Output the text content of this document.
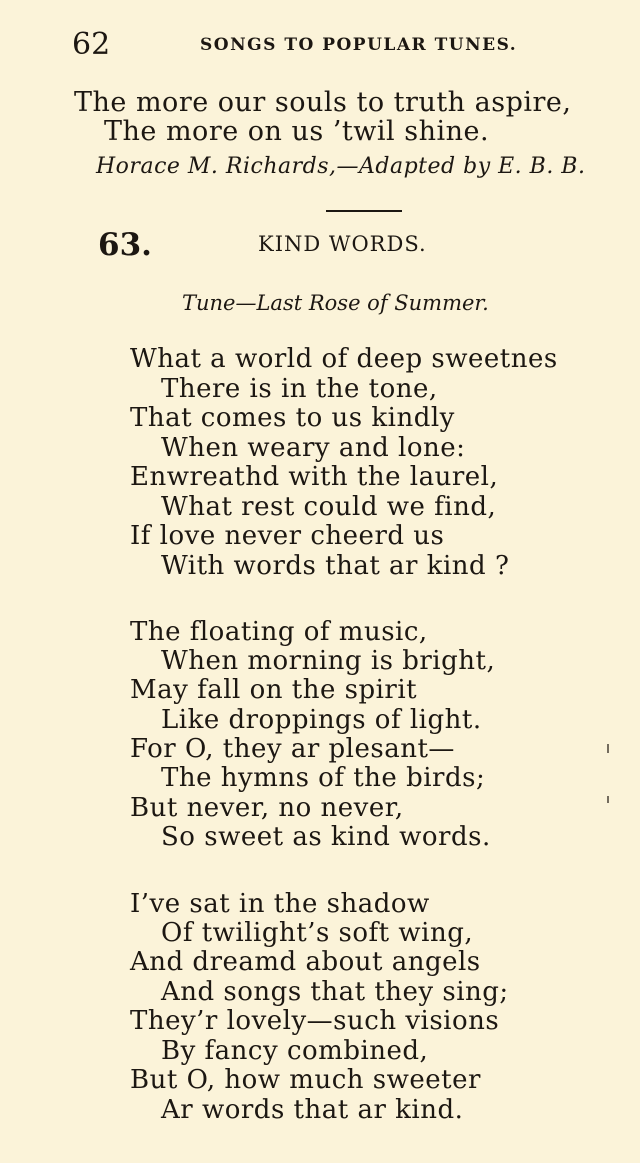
62	SONGS TO POPULAR TUNES.
The more our souls to truth aspire,
The more on us ’twil shine.
Horace M. Richards,—Adapted by E. B. B.
63.	KIND WORDS.
Tune—Last Rose of Summer.
What a world of deep sweetnes
There is in the tone,
That comes to us kindly
When weary and lone:
Enwreathd with the laurel,
What rest could we find,
If love never cheerd us
With words that ar kind ?
The floating of music,
When morning is bright,
May fall on the spirit
Like droppings of light.
For O, they ar plesant—
The hymns of the birds;
But never, no never,
So sweet as kind words.
I’ve sat in the shadow
Of twilight’s soft wing,
And dreamd about angels
And songs that they sing;
They’r lovely—such visions
By fancy combined,
But O, how much sweeter
Ar words that ar kind.
